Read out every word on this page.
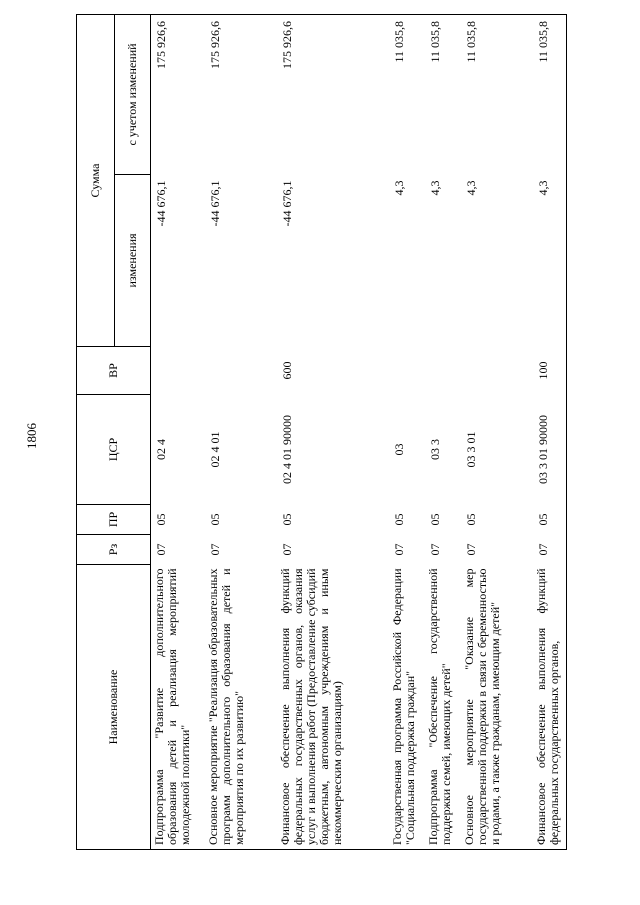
1806
Наименование	Рз	ПР	ЦСР	ВР	Сумма	
					изменения	с учетом изменений
Подпрограмма "Развитие дополнительного образования детей и реализация мероприятий молодежной политики"	07	05	02 4		-44 676,1	175 926,6
Основное мероприятие "Реализация образовательных программ дополнительного образования детей и мероприятия по их развитию"	07	05	02 4 01		-44 676,1	175 926,6
Финансовое обеспечение выполнения функций федеральных государственных органов, оказания услуг и выполнения работ (Предоставление субсидий бюджетным, автономным учреждениям и иным некоммерческим организациям)	07	05	02 4 01 90000	600	-44 676,1	175 926,6
Государственная программа Российской Федерации "Социальная поддержка граждан"	07	05	03		4,3	11 035,8
Подпрограмма "Обеспечение государственной поддержки семей, имеющих детей"	07	05	03 3		4,3	11 035,8
Основное мероприятие "Оказание мер государственной поддержки в связи с беременностью и родами, а также гражданам, имеющим детей"	07	05	03 3 01		4,3	11 035,8
Финансовое обеспечение выполнения функций федеральных государственных органов,	07	05	03 3 01 90000	100	4,3	11 035,8
